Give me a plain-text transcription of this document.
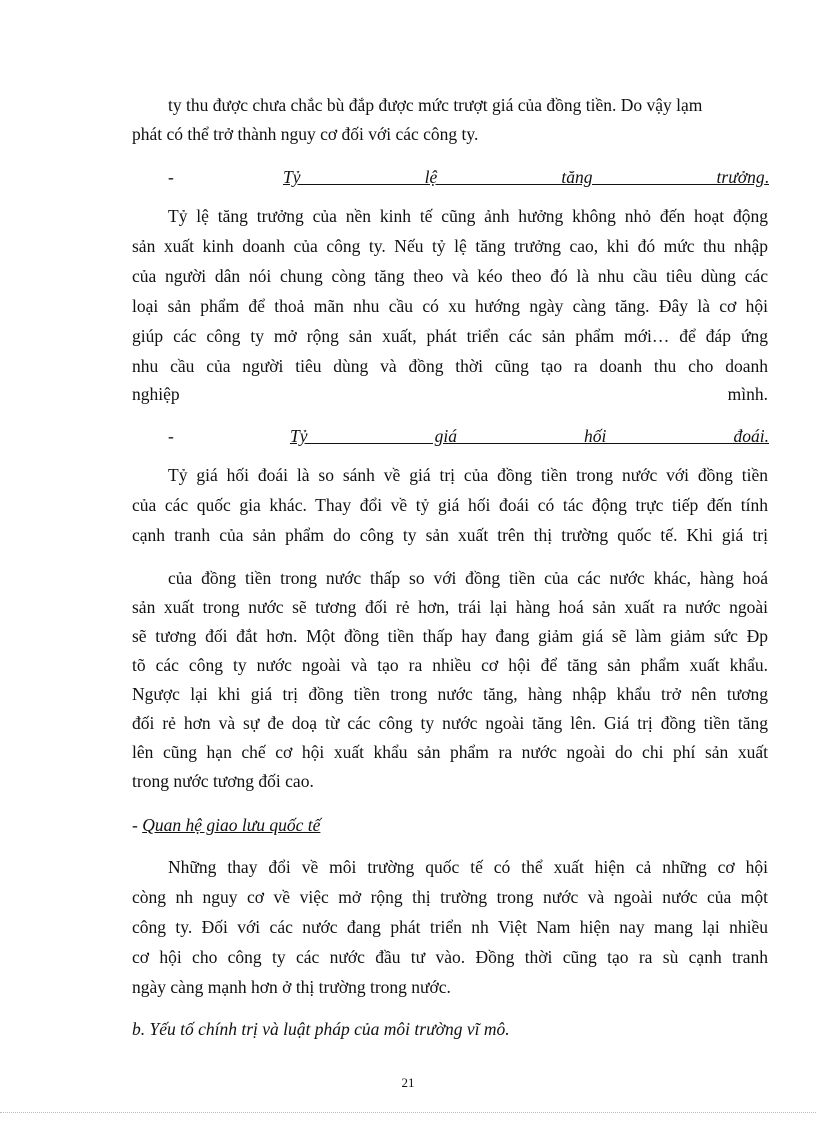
ty thu được chưa chắc bù đắp được mức trượt giá của đồng tiền. Do vậy lạm
phát có thể trở thành nguy cơ đối với các công ty.
-	Tỷ lệ tăng trưởng.
Tỷ lệ tăng trưởng của nền kinh tế cũng ảnh hưởng không nhỏ đến hoạt động
sản xuất kinh doanh của công ty. Nếu tỷ lệ tăng trưởng cao, khi đó mức thu nhập
của người dân nói chung còng tăng theo và kéo theo đó là nhu cầu tiêu dùng các
loại sản phẩm để thoả mãn nhu cầu có xu hướng ngày càng tăng. Đây là cơ hội
giúp các công ty mở rộng sản xuất, phát triển các sản phẩm mới… để đáp ứng
nhu cầu của người tiêu dùng và đồng thời cũng tạo ra doanh thu cho doanh
nghiệp	mình.
-	Tỷ giá hối đoái.
Tỷ giá hối đoái là so sánh về giá trị của đồng tiền trong nước với đồng tiền
của các quốc gia khác. Thay đổi về tỷ giá hối đoái có tác động trực tiếp đến tính
cạnh tranh của sản phẩm do công ty sản xuất trên thị trường quốc tế. Khi giá trị
của đồng tiền trong nước thấp so với đồng tiền của các nước khác, hàng hoá
sản xuất trong nước sẽ tương đối rẻ hơn, trái lại hàng hoá sản xuất ra nước ngoài
sẽ tương đối đắt hơn. Một đồng tiền thấp hay đang giảm giá sẽ làm giảm sức Đp
tõ các công ty nước ngoài và tạo ra nhiều cơ hội để tăng sản phẩm xuất khẩu.
Ngược lại khi giá trị đồng tiền trong nước tăng, hàng nhập khẩu trở nên tương
đối rẻ hơn và sự đe doạ từ các công ty nước ngoài tăng lên. Giá trị đồng tiền tăng
lên cũng hạn chế cơ hội xuất khẩu sản phẩm ra nước ngoài do chi phí sản xuất
trong nước tương đối cao.
- Quan hệ giao lưu quốc tế
Những thay đổi về môi trường quốc tế có thể xuất hiện cả những cơ hội
còng nh nguy cơ về việc mở rộng thị trường trong nước và ngoài nước của một
công ty. Đối với các nước đang phát triển nh Việt Nam hiện nay mang lại nhiều
cơ hội cho công ty các nước đầu tư vào. Đồng thời cũng tạo ra sù cạnh tranh
ngày càng mạnh hơn ở thị trường trong nước.
b. Yếu tố chính trị và luật pháp của môi trường vĩ mô.
21
